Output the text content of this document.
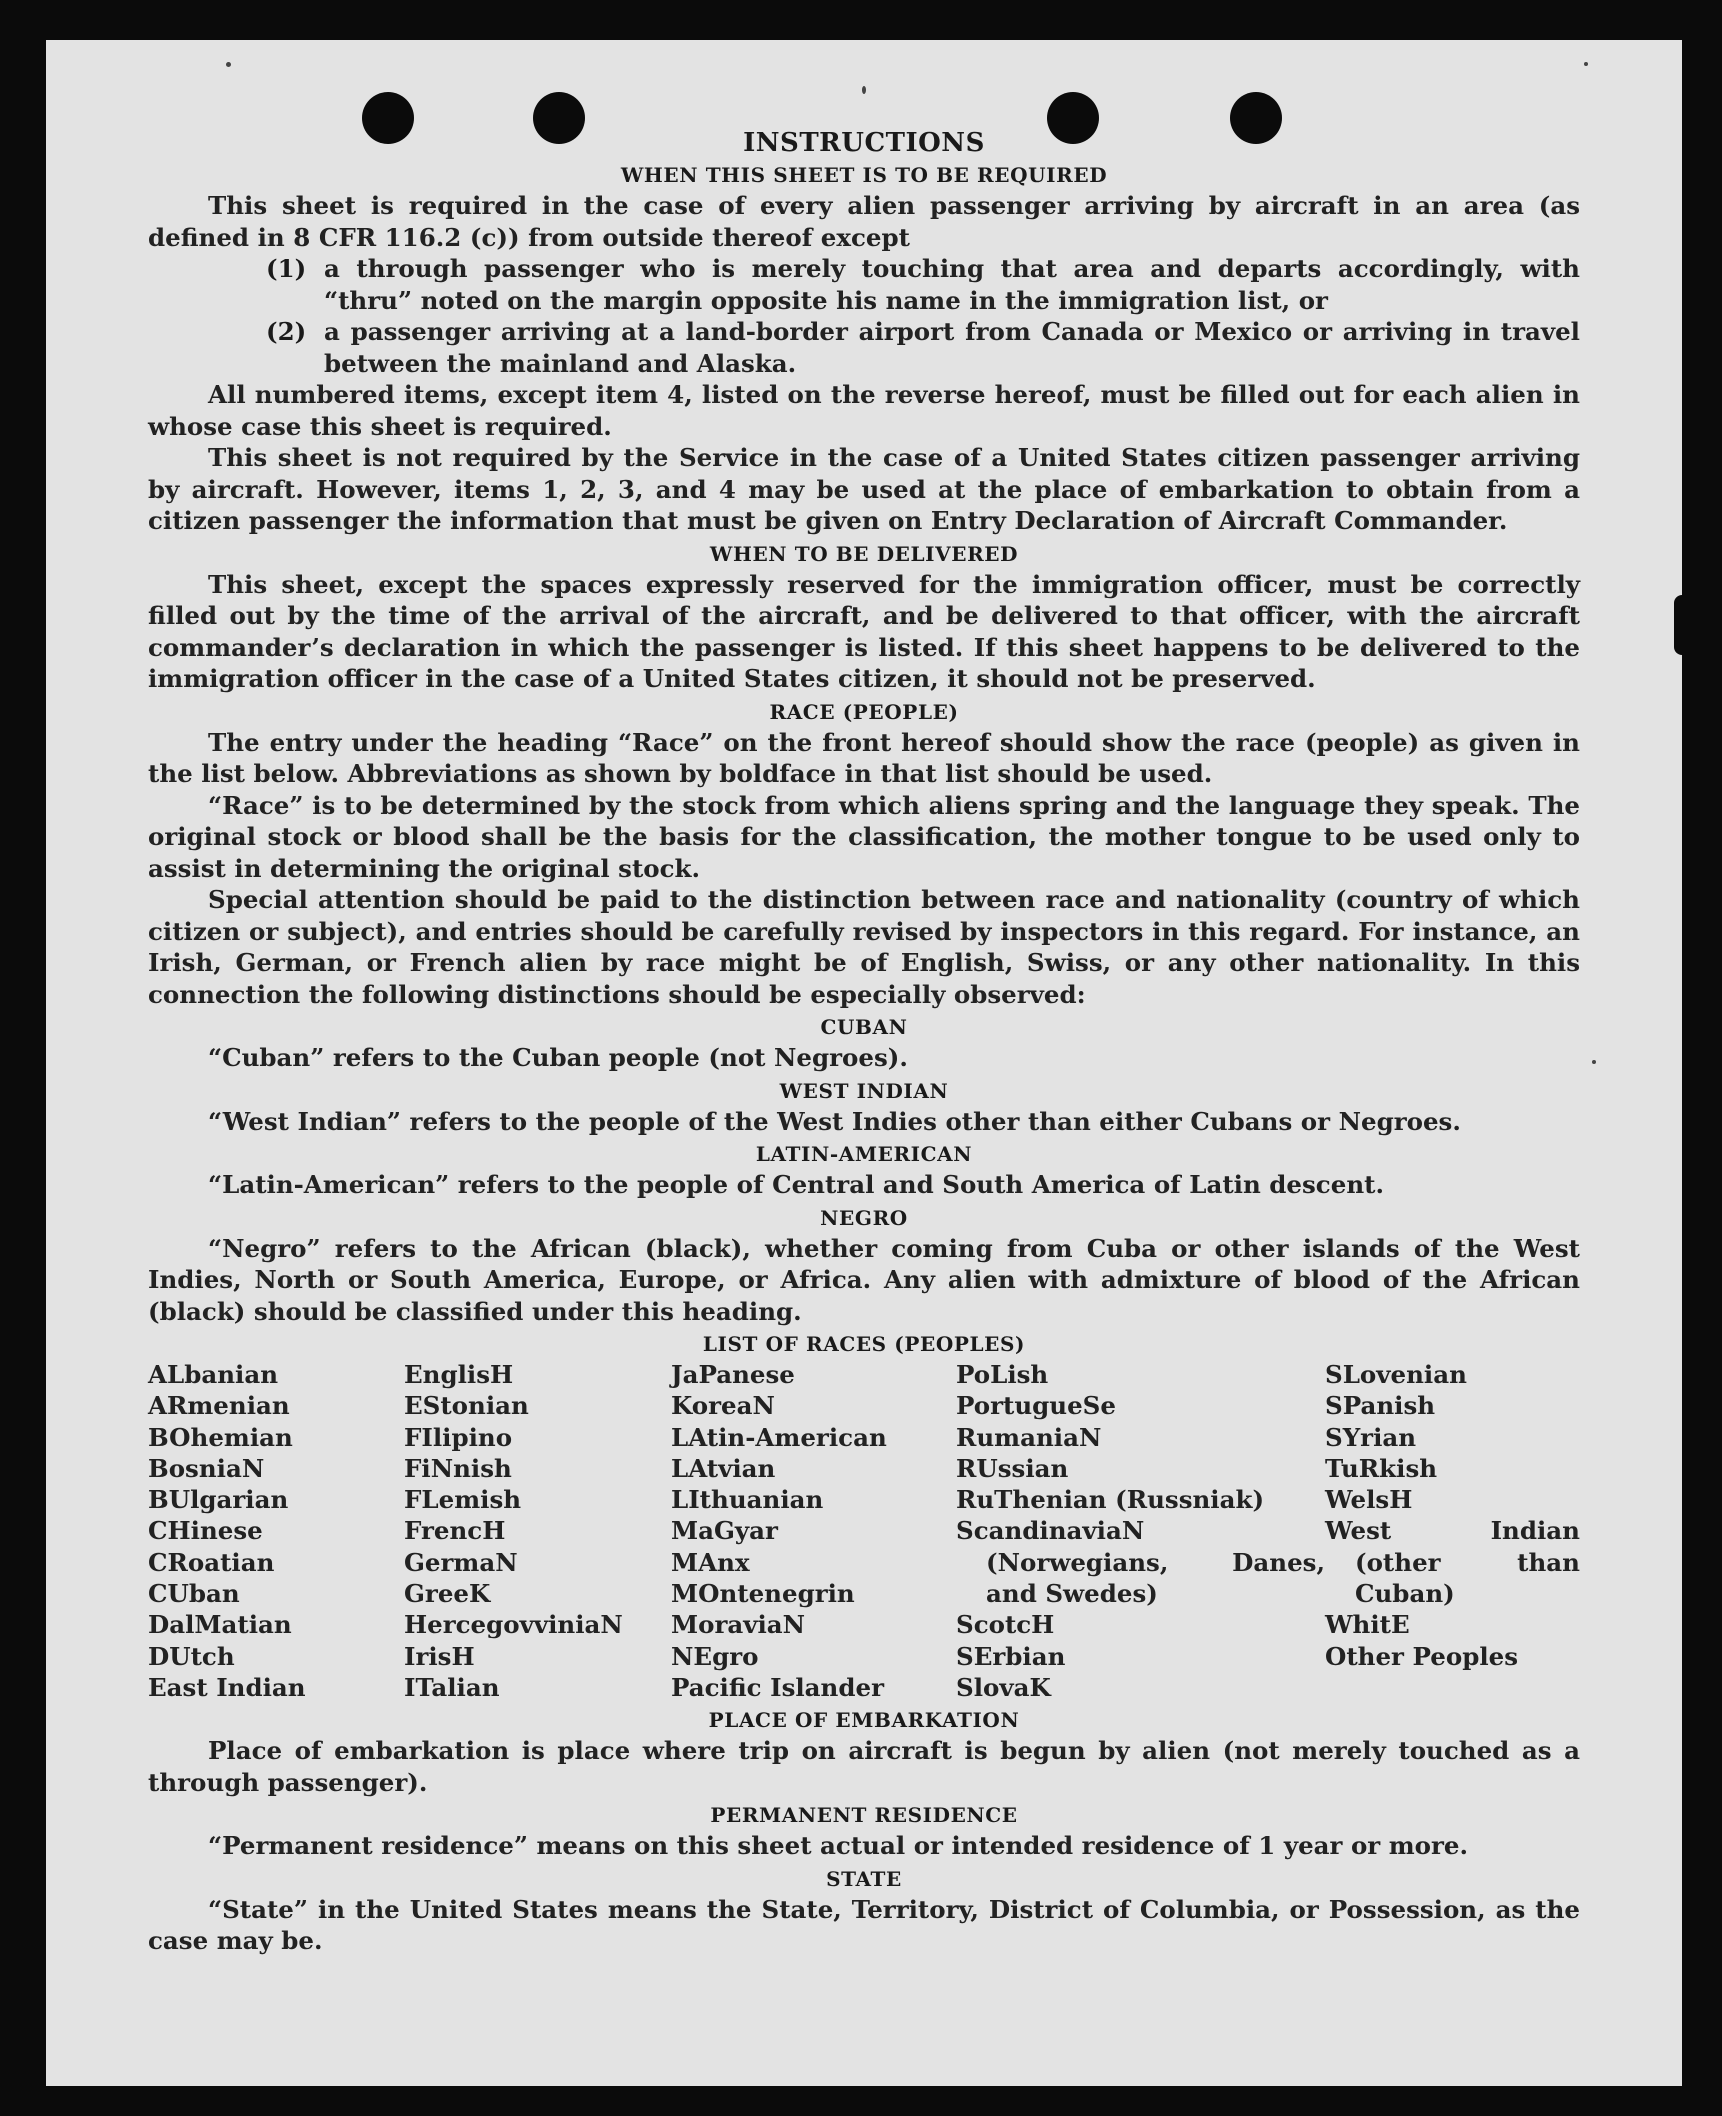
INSTRUCTIONS
WHEN THIS SHEET IS TO BE REQUIRED

This sheet is required in the case of every alien passenger arriving by aircraft in an area (as defined in 8 CFR 116.2 (c)) from outside thereof except

(1) a through passenger who is merely touching that area and departs accordingly, with “thru” noted on the margin opposite his name in the immigration list, or

(2) a passenger arriving at a land-border airport from Canada or Mexico or arriving in travel between the mainland and Alaska.

All numbered items, except item 4, listed on the reverse hereof, must be filled out for each alien in whose case this sheet is required.

This sheet is not required by the Service in the case of a United States citizen passenger arriving by aircraft. However, items 1, 2, 3, and 4 may be used at the place of embarkation to obtain from a citizen passenger the information that must be given on Entry Declaration of Aircraft Commander.

WHEN TO BE DELIVERED

This sheet, except the spaces expressly reserved for the immigration officer, must be correctly filled out by the time of the arrival of the aircraft, and be delivered to that officer, with the aircraft commander’s declaration in which the passenger is listed. If this sheet happens to be delivered to the immigration officer in the case of a United States citizen, it should not be preserved.

RACE (PEOPLE)

The entry under the heading “Race” on the front hereof should show the race (people) as given in the list below. Abbreviations as shown by boldface in that list should be used.

“Race” is to be determined by the stock from which aliens spring and the language they speak. The original stock or blood shall be the basis for the classification, the mother tongue to be used only to assist in determining the original stock.

Special attention should be paid to the distinction between race and nationality (country of which citizen or subject), and entries should be carefully revised by inspectors in this regard. For instance, an Irish, German, or French alien by race might be of English, Swiss, or any other nationality. In this connection the following distinctions should be especially observed:

CUBAN

“Cuban” refers to the Cuban people (not Negroes).

WEST INDIAN

“West Indian” refers to the people of the West Indies other than either Cubans or Negroes.

LATIN-AMERICAN

“Latin-American” refers to the people of Central and South America of Latin descent.

NEGRO

“Negro” refers to the African (black), whether coming from Cuba or other islands of the West Indies, North or South America, Europe, or Africa. Any alien with admixture of blood of the African (black) should be classified under this heading.

LIST OF RACES (PEOPLES)
ALbanian
ARmenian
BOhemian
BosniaN
BUlgarian
CHinese
CRoatian
CUban
DalMatian
DUtch
East Indian
EnglisH
EStonian
FIlipino
FiNnish
FLemish
FrencH
GermaN
GreeK
HercegovviniaN
IrisH
ITalian
JaPanese
KoreaN
LAtin-American
LAtvian
LIthuanian
MaGyar
MAnx
MOntenegrin
MoraviaN
NEgro
Pacific Islander
PoLish
PortugueSe
RumaniaN
RUssian
RuThenian (Russniak)
ScandinaviaN (Norwegians, Danes, and Swedes)
ScotcH
SErbian
SlovaK
SLovenian
SPanish
SYrian
TuRkish
WelsH
West Indian (other than Cuban)
WhitE
Other Peoples
PLACE OF EMBARKATION

Place of embarkation is place where trip on aircraft is begun by alien (not merely touched as a through passenger).

PERMANENT RESIDENCE

“Permanent residence” means on this sheet actual or intended residence of 1 year or more.

STATE

“State” in the United States means the State, Territory, District of Columbia, or Possession, as the case may be.
